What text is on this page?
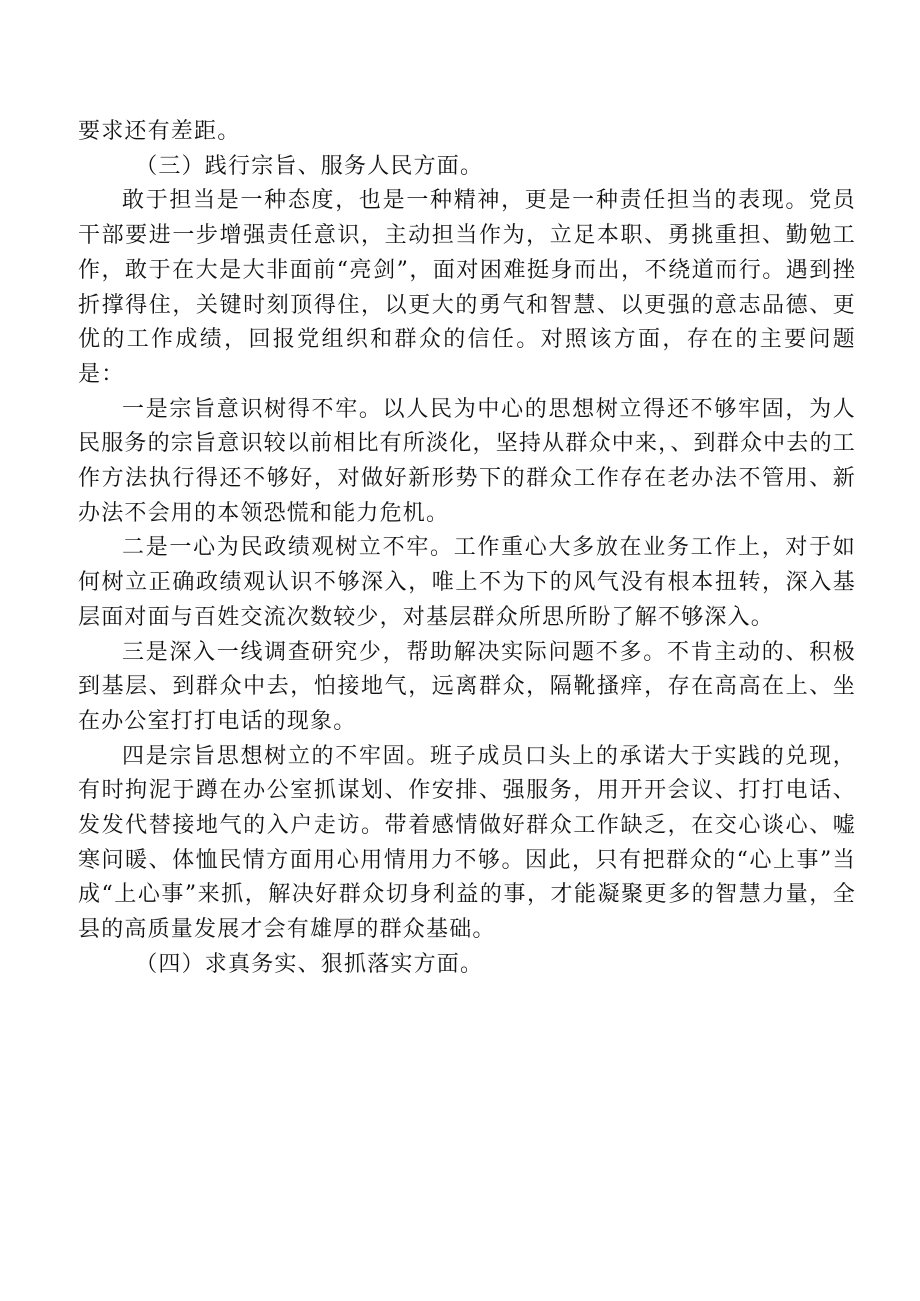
要求还有差距。

（三）践行宗旨、服务人民方面。

敢于担当是一种态度，也是一种精神，更是一种责任担当的表现。党员干部要进一步增强责任意识，主动担当作为，立足本职、勇挑重担、勤勉工作，敢于在大是大非面前“亮剑”，面对困难挺身而出，不绕道而行。遇到挫折撑得住，关键时刻顶得住，以更大的勇气和智慧、以更强的意志品德、更优的工作成绩，回报党组织和群众的信任。对照该方面，存在的主要问题是：

一是宗旨意识树得不牢。以人民为中心的思想树立得还不够牢固，为人民服务的宗旨意识较以前相比有所淡化，坚持从群众中来，、到群众中去的工作方法执行得还不够好，对做好新形势下的群众工作存在老办法不管用、新办法不会用的本领恐慌和能力危机。

二是一心为民政绩观树立不牢。工作重心大多放在业务工作上，对于如何树立正确政绩观认识不够深入，唯上不为下的风气没有根本扭转，深入基层面对面与百姓交流次数较少，对基层群众所思所盼了解不够深入。

三是深入一线调查研究少，帮助解决实际问题不多。不肯主动的、积极到基层、到群众中去，怕接地气，远离群众，隔靴搔痒，存在高高在上、坐在办公室打打电话的现象。

四是宗旨思想树立的不牢固。班子成员口头上的承诺大于实践的兑现，有时拘泥于蹲在办公室抓谋划、作安排、强服务，用开开会议、打打电话、发发代替接地气的入户走访。带着感情做好群众工作缺乏，在交心谈心、嘘寒问暖、体恤民情方面用心用情用力不够。因此，只有把群众的“心上事”当成“上心事”来抓，解决好群众切身利益的事，才能凝聚更多的智慧力量，全县的高质量发展才会有雄厚的群众基础。

（四）求真务实、狠抓落实方面。
